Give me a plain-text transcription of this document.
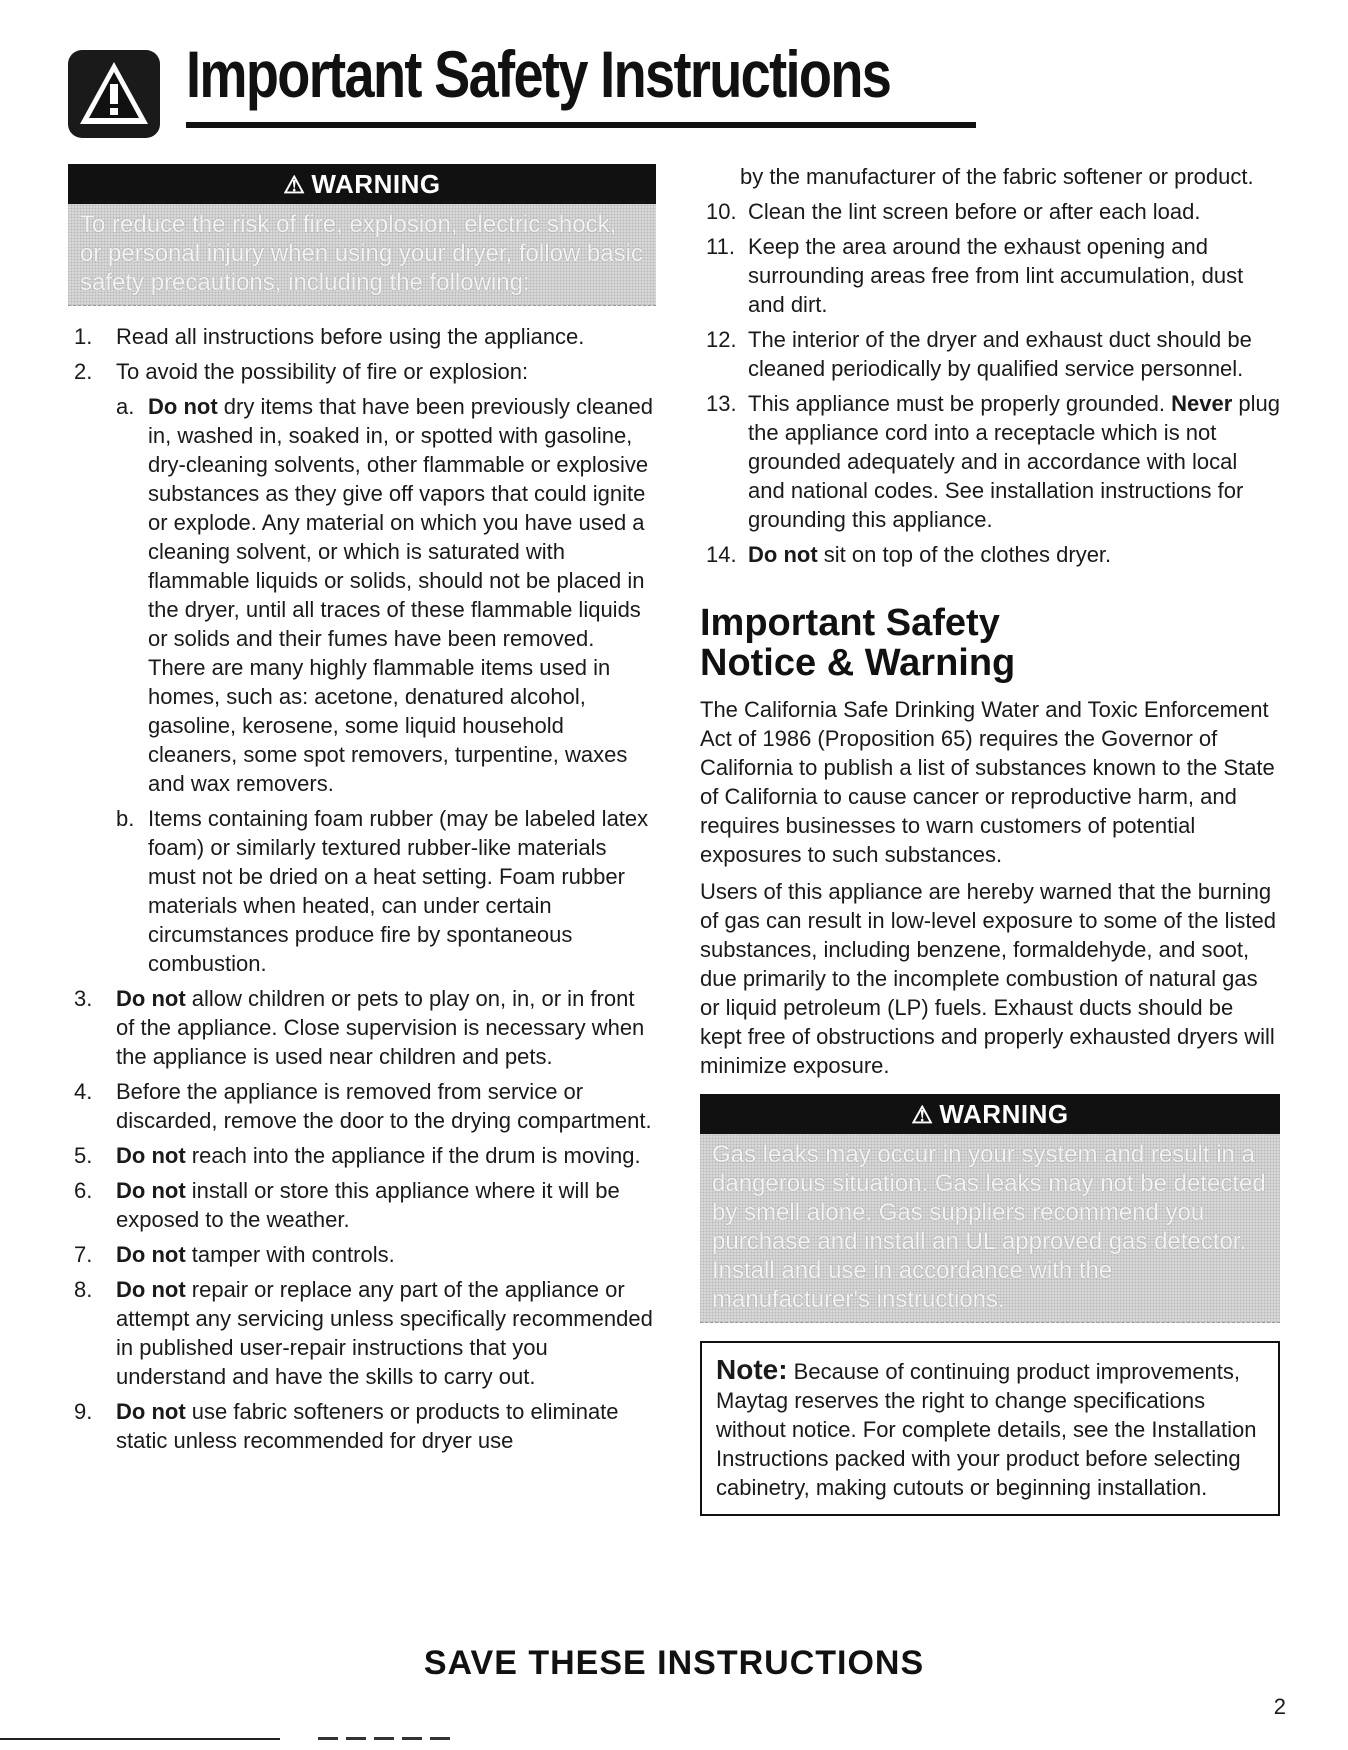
Important Safety Instructions
⚠ WARNING
To reduce the risk of fire, explosion, electric shock, or personal injury when using your dryer, follow basic safety precautions, including the following:
1. Read all instructions before using the appliance.
2. To avoid the possibility of fire or explosion:
a. Do not dry items that have been previously cleaned in, washed in, soaked in, or spotted with gasoline, dry-cleaning solvents, other flammable or explosive substances as they give off vapors that could ignite or explode. Any material on which you have used a cleaning solvent, or which is saturated with flammable liquids or solids, should not be placed in the dryer, until all traces of these flammable liquids or solids and their fumes have been removed. There are many highly flammable items used in homes, such as: acetone, denatured alcohol, gasoline, kerosene, some liquid household cleaners, some spot removers, turpentine, waxes and wax removers.
b. Items containing foam rubber (may be labeled latex foam) or similarly textured rubber-like materials must not be dried on a heat setting. Foam rubber materials when heated, can under certain circumstances produce fire by spontaneous combustion.
3. Do not allow children or pets to play on, in, or in front of the appliance. Close supervision is necessary when the appliance is used near children and pets.
4. Before the appliance is removed from service or discarded, remove the door to the drying compartment.
5. Do not reach into the appliance if the drum is moving.
6. Do not install or store this appliance where it will be exposed to the weather.
7. Do not tamper with controls.
8. Do not repair or replace any part of the appliance or attempt any servicing unless specifically recommended in published user-repair instructions that you understand and have the skills to carry out.
9. Do not use fabric softeners or products to eliminate static unless recommended for dryer use
by the manufacturer of the fabric softener or product.
10. Clean the lint screen before or after each load.
11. Keep the area around the exhaust opening and surrounding areas free from lint accumulation, dust and dirt.
12. The interior of the dryer and exhaust duct should be cleaned periodically by qualified service personnel.
13. This appliance must be properly grounded. Never plug the appliance cord into a receptacle which is not grounded adequately and in accordance with local and national codes. See installation instructions for grounding this appliance.
14. Do not sit on top of the clothes dryer.
Important Safety
Notice & Warning
The California Safe Drinking Water and Toxic Enforcement Act of 1986 (Proposition 65) requires the Governor of California to publish a list of substances known to the State of California to cause cancer or reproductive harm, and requires businesses to warn customers of potential exposures to such substances.
Users of this appliance are hereby warned that the burning of gas can result in low-level exposure to some of the listed substances, including benzene, formaldehyde, and soot, due primarily to the incomplete combustion of natural gas or liquid petroleum (LP) fuels. Exhaust ducts should be kept free of obstructions and properly exhausted dryers will minimize exposure.
⚠ WARNING
Gas leaks may occur in your system and result in a dangerous situation. Gas leaks may not be detected by smell alone. Gas suppliers recommend you purchase and install an UL approved gas detector. Install and use in accordance with the manufacturer's instructions.
Note: Because of continuing product improvements, Maytag reserves the right to change specifications without notice. For complete details, see the Installation Instructions packed with your product before selecting cabinetry, making cutouts or beginning installation.
SAVE THESE INSTRUCTIONS
2
